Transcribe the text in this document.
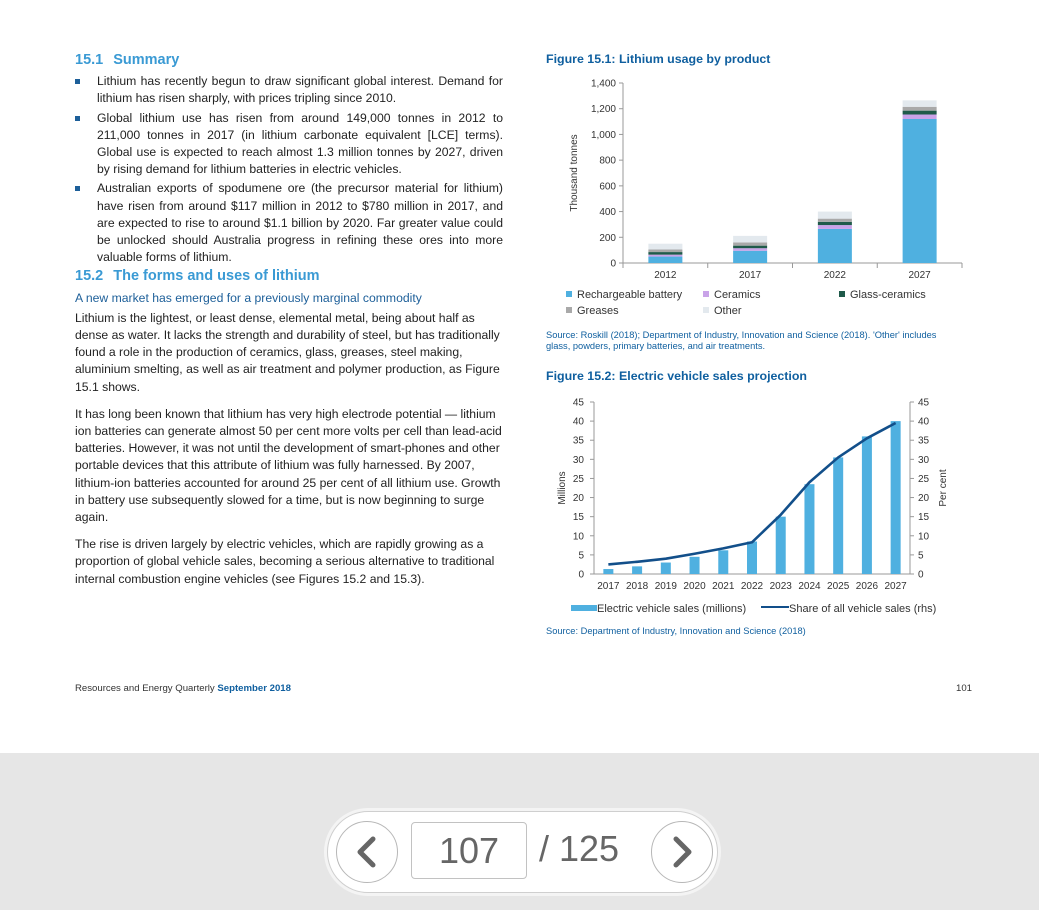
15.1 Summary
Lithium has recently begun to draw significant global interest. Demand for lithium has risen sharply, with prices tripling since 2010.
Global lithium use has risen from around 149,000 tonnes in 2012 to 211,000 tonnes in 2017 (in lithium carbonate equivalent [LCE] terms). Global use is expected to reach almost 1.3 million tonnes by 2027, driven by rising demand for lithium batteries in electric vehicles.
Australian exports of spodumene ore (the precursor material for lithium) have risen from around $117 million in 2012 to $780 million in 2017, and are expected to rise to around $1.1 billion by 2020. Far greater value could be unlocked should Australia progress in refining these ores into more valuable forms of lithium.
15.2 The forms and uses of lithium
A new market has emerged for a previously marginal commodity

Lithium is the lightest, or least dense, elemental metal, being about half as dense as water. It lacks the strength and durability of steel, but has traditionally found a role in the production of ceramics, glass, greases, steel making, aluminium smelting, as well as air treatment and polymer production, as Figure 15.1 shows.

It has long been known that lithium has very high electrode potential — lithium ion batteries can generate almost 50 per cent more volts per cell than lead-acid batteries. However, it was not until the development of smart-phones and other portable devices that this attribute of lithium was fully harnessed. By 2007, lithium-ion batteries accounted for around 25 per cent of all lithium use. Growth in battery use subsequently slowed for a time, but is now beginning to surge again.

The rise is driven largely by electric vehicles, which are rapidly growing as a proportion of global vehicle sales, becoming a serious alternative to traditional internal combustion engine vehicles (see Figures 15.2 and 15.3).

Figure 15.1: Lithium usage by product
0
200
400
600
800
1,000
1,200
1,400
Thousand tonnes
2012	2017	2022	2027
Rechargeable battery	Ceramics	Glass-ceramics
Greases	Other
Source: Roskill (2018); Department of Industry, Innovation and Science (2018). 'Other' includes glass, powders, primary batteries, and air treatments.
Figure 15.2: Electric vehicle sales projection
0	0
5	5
10	10
15	15
20	20
25	25
30	30
35	35
40	40
45	45
Millions	Per cent
2017 2018 2019 2020 2021 2022 2023 2024 2025 2026 2027
Electric vehicle sales (millions)	Share of all vehicle sales (rhs)
Source: Department of Industry, Innovation and Science (2018)
Resources and Energy Quarterly September 2018	101
107	/ 125
